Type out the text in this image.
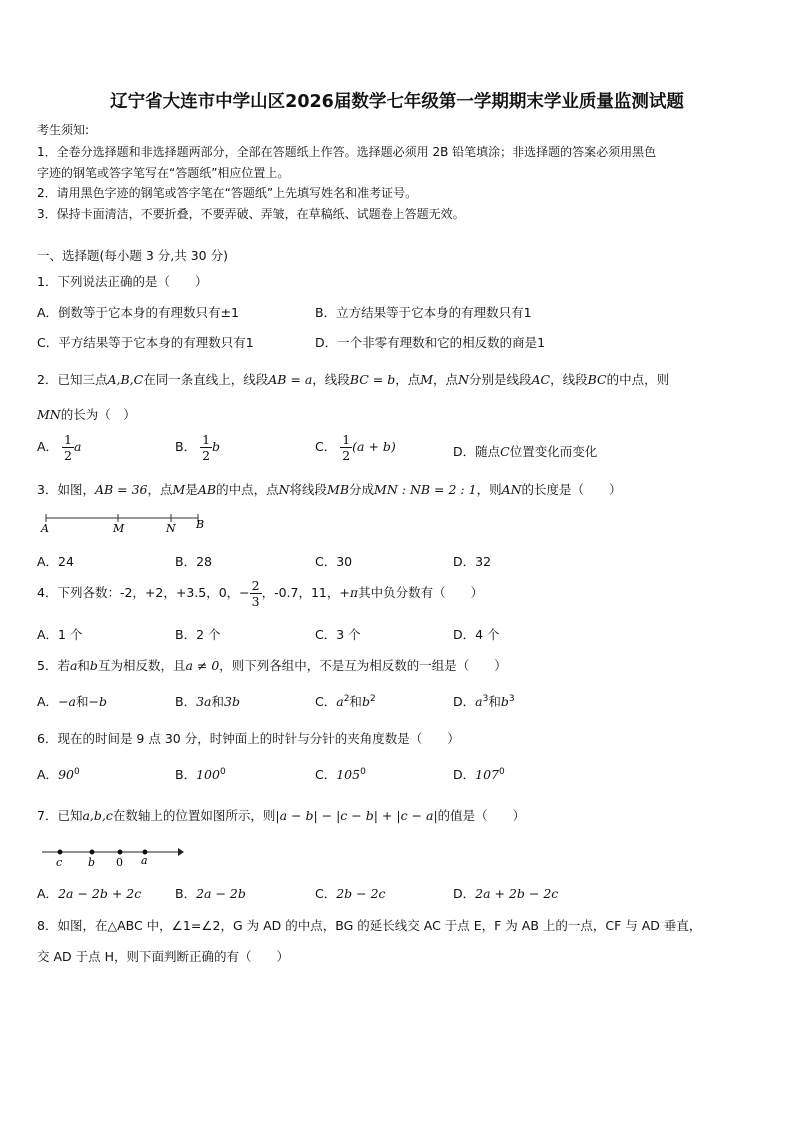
辽宁省大连市中学山区2026届数学七年级第一学期期末学业质量监测试题
考生须知:
1．全卷分选择题和非选择题两部分，全部在答题纸上作答。选择题必须用 2B 铅笔填涂；非选择题的答案必须用黑色
字迹的钢笔或答字笔写在“答题纸”相应位置上。
2．请用黑色字迹的钢笔或答字笔在“答题纸”上先填写姓名和准考证号。
3．保持卡面清洁，不要折叠，不要弄破、弄皱，在草稿纸、试题卷上答题无效。
一、选择题(每小题 3 分,共 30 分)
1．下列说法正确的是（　　）
A．倒数等于它本身的有理数只有±1	B．立方结果等于它本身的有理数只有1
C．平方结果等于它本身的有理数只有1	D．一个非零有理数和它的相反数的商是1
2．已知三点A,B,C在同一条直线上，线段AB = a，线段BC = b，点M，点N分别是线段AC，线段BC的中点，则
MN的长为（　）
A． $\frac{1}{2}$ a	B． $\frac{1}{2}$ b	C． $\frac{1}{2} (a + b)$	D．随点C位置变化而变化
3．如图，AB = 36，点M是AB的中点，点N将线段MB分成MN : NB = 2 : 1，则AN的长度是（　　）
A	M	N B
A．24	B．28	C．30	D．32
4．下列各数：-2，+2，+3.5，0，− $\frac{2}{3}$ ，-0.7，11，+π其中负分数有（　　）
A．1 个	B．2 个	C．3 个	D．4 个
5．若a和b互为相反数，且a ≠ 0，则下列各组中，不是互为相反数的一组是（　　）
A．−a和−b	B．3a和3b	C．$a^2$和$b^2$	D．$a^3$和$b^3$
6．现在的时间是 9 点 30 分，时钟面上的时针与分针的夹角度数是（　　）
A．$90^0$	B．$100^0$	C．$105^0$	D．$107^0$
7．已知a,b,c在数轴上的位置如图所示，则|a − b| − |c − b| + |c − a|的值是（　　）
c b 0 a
A．2a − 2b + 2c	B．2a − 2b	C．2b − 2c	D．2a + 2b − 2c
8．如图，在△ABC 中，∠1=∠2，G 为 AD 的中点，BG 的延长线交 AC 于点 E，F 为 AB 上的一点，CF 与 AD 垂直，
交 AD 于点 H，则下面判断正确的有（　　）
